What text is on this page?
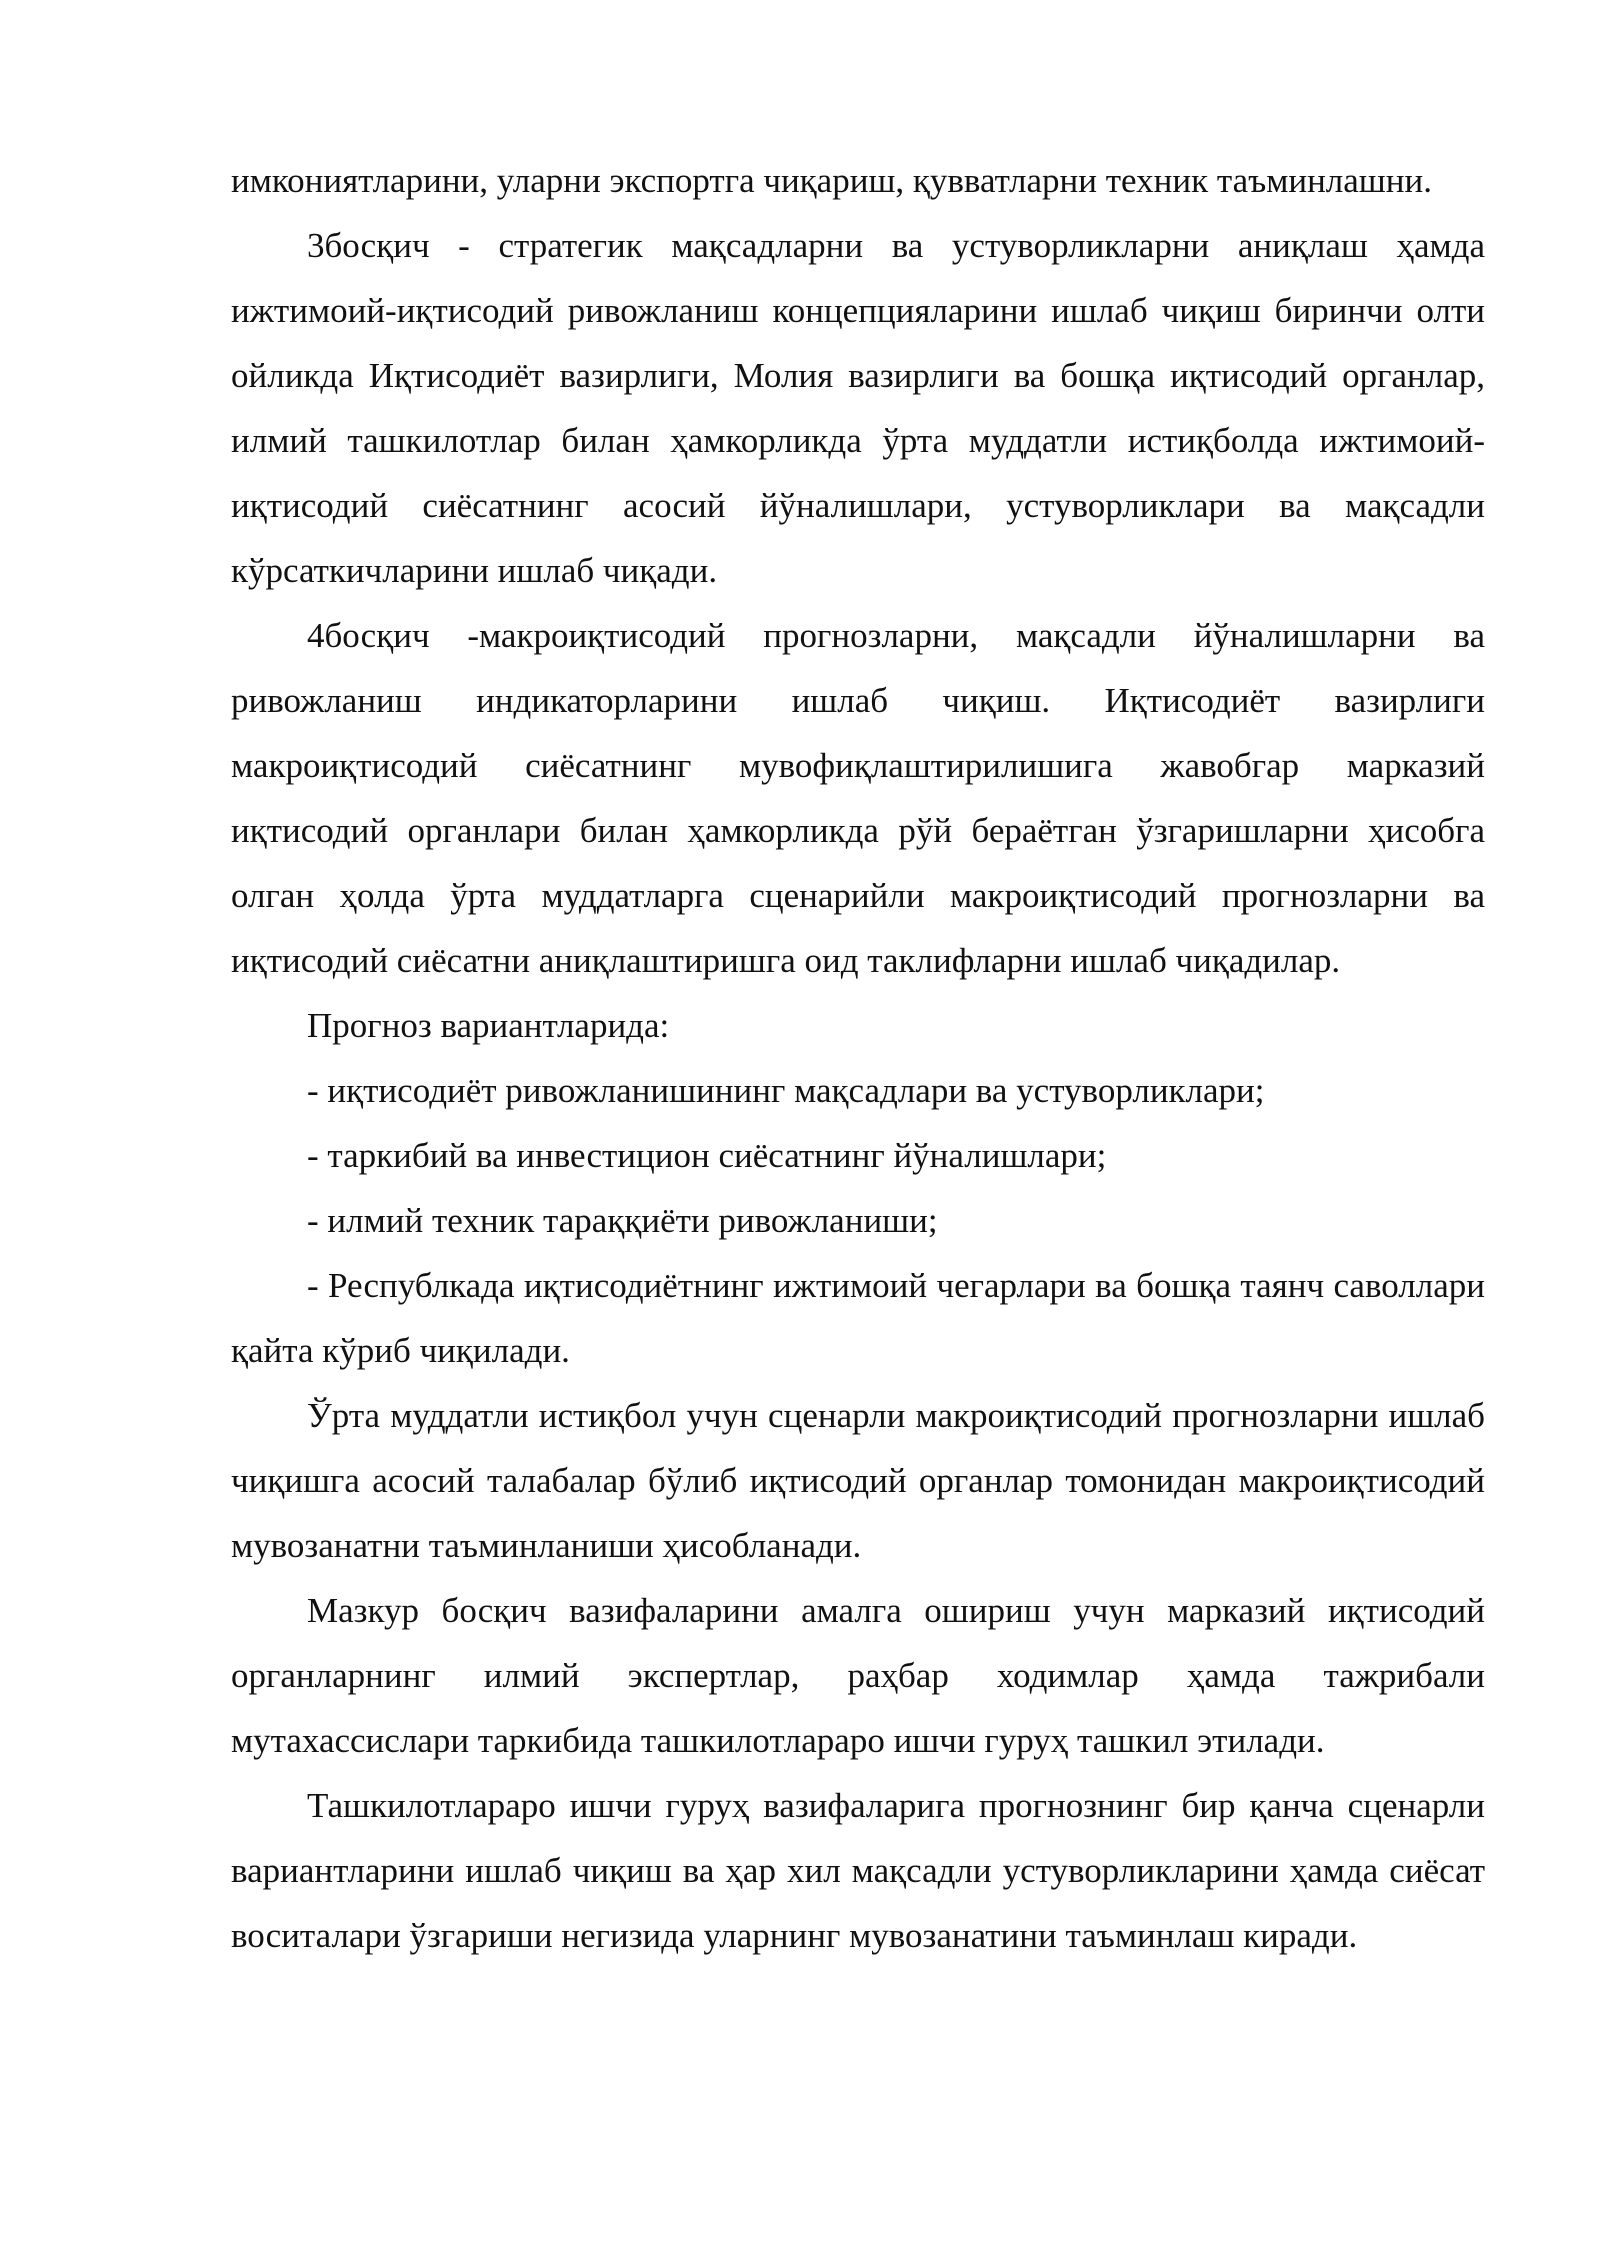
имкониятларини, уларни экспортга чиқариш, қувватларни техник таъминлашни.

3босқич - стратегик мақсадларни ва устуворликларни аниқлаш ҳамда ижтимоий-иқтисодий ривожланиш концепцияларини ишлаб чиқиш биринчи олти ойликда Иқтисодиёт вазирлиги, Молия вазирлиги ва бошқа иқтисодий органлар, илмий ташкилотлар билан ҳамкорликда ўрта муддатли истиқболда ижтимоий-иқтисодий сиёсатнинг асосий йўналишлари, устуворликлари ва мақсадли кўрсаткичларини ишлаб чиқади.

4босқич -макроиқтисодий прогнозларни, мақсадли йўналишларни ва ривожланиш индикаторларини ишлаб чиқиш. Иқтисодиёт вазирлиги макроиқтисодий сиёсатнинг мувофиқлаштирилишига жавобгар марказий иқтисодий органлари билан ҳамкорликда рўй бераётган ўзгаришларни ҳисобга олган ҳолда ўрта муддатларга сценарийли макроиқтисодий прогнозларни ва иқтисодий сиёсатни аниқлаштиришга оид таклифларни ишлаб чиқадилар.

Прогноз вариантларида:

- иқтисодиёт ривожланишининг мақсадлари ва устуворликлари;

- таркибий ва инвестицион сиёсатнинг йўналишлари;

- илмий техник тараққиёти ривожланиши;

- Республкада иқтисодиётнинг ижтимоий чегарлари ва бошқа таянч саволлари қайта кўриб чиқилади.

Ўрта муддатли истиқбол учун сценарли макроиқтисодий прогнозларни ишлаб чиқишга асосий талабалар бўлиб иқтисодий органлар томонидан макроиқтисодий мувозанатни таъминланиши ҳисобланади.

Мазкур босқич вазифаларини амалга ошириш учун марказий иқтисодий органларнинг илмий экспертлар, раҳбар ходимлар ҳамда тажрибали мутахассислари таркибида ташкилотлараро ишчи гуруҳ ташкил этилади.

Ташкилотлараро ишчи гуруҳ вазифаларига прогнознинг бир қанча сценарли вариантларини ишлаб чиқиш ва ҳар хил мақсадли устуворликларини ҳамда сиёсат воситалари ўзгариши негизида уларнинг мувозанатини таъминлаш киради.
